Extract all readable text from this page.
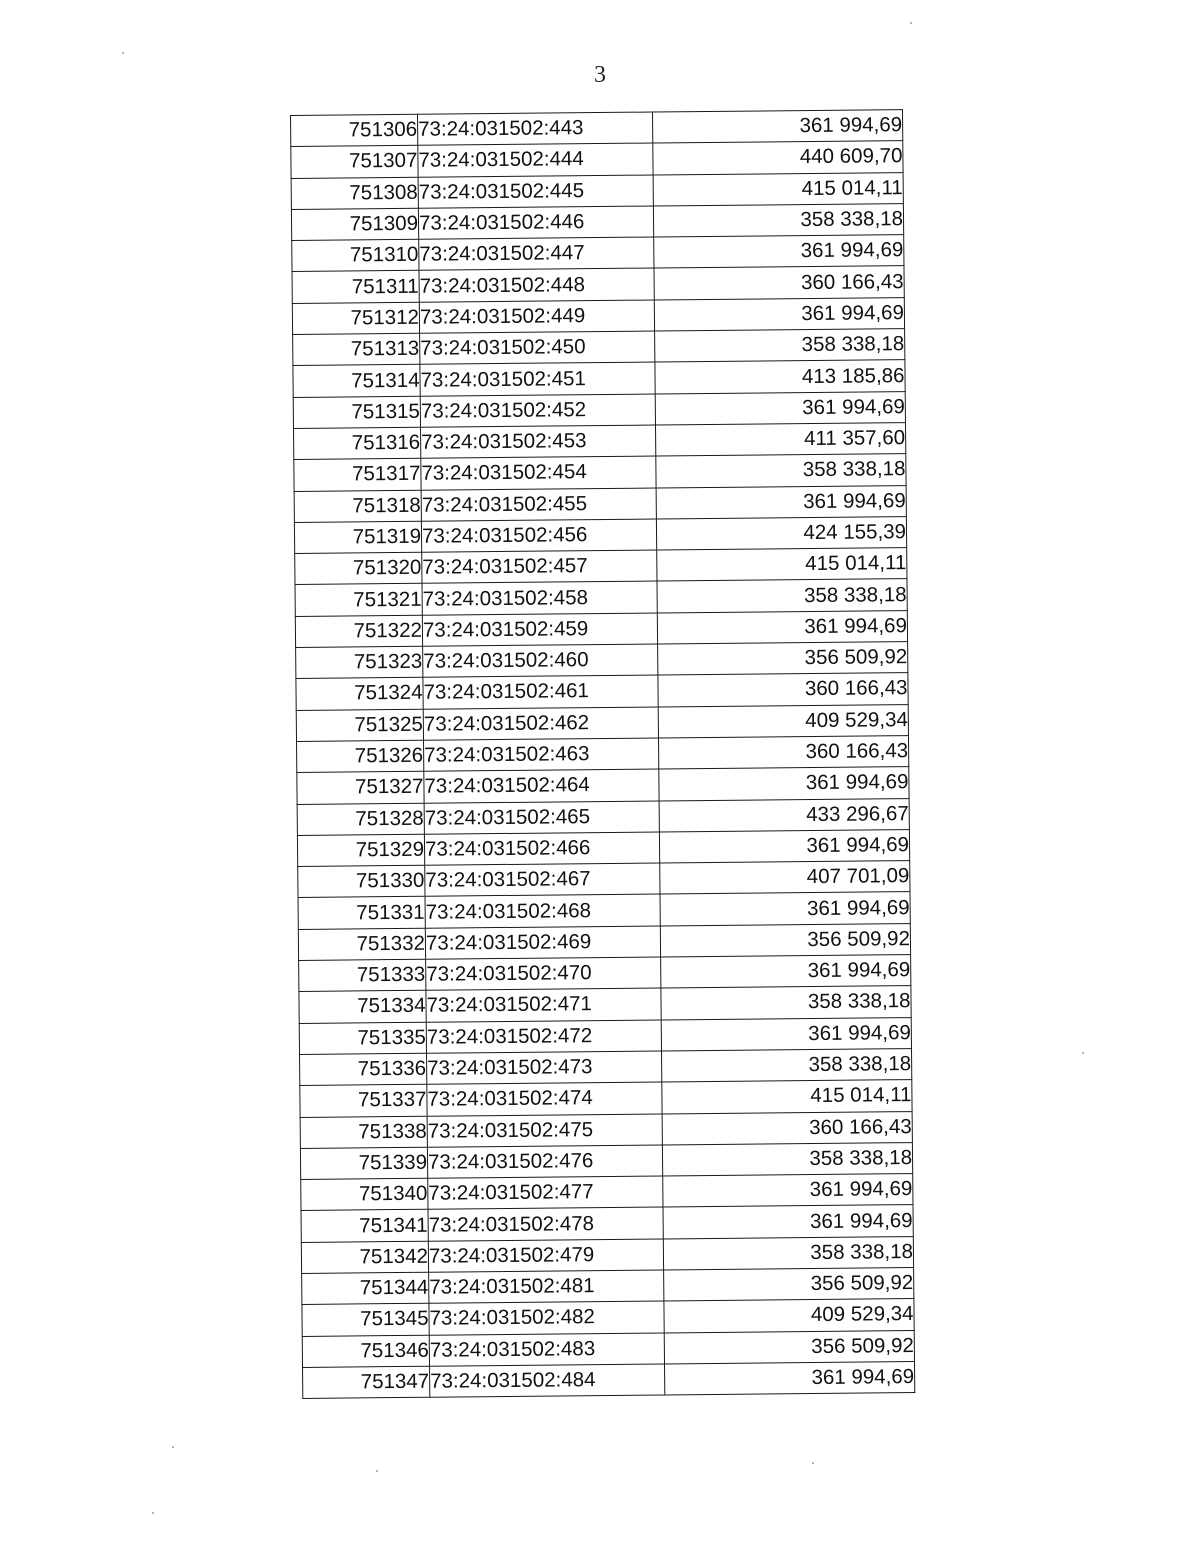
3
751306	73:24:031502:443	361 994,69
751307	73:24:031502:444	440 609,70
751308	73:24:031502:445	415 014,11
751309	73:24:031502:446	358 338,18
751310	73:24:031502:447	361 994,69
751311	73:24:031502:448	360 166,43
751312	73:24:031502:449	361 994,69
751313	73:24:031502:450	358 338,18
751314	73:24:031502:451	413 185,86
751315	73:24:031502:452	361 994,69
751316	73:24:031502:453	411 357,60
751317	73:24:031502:454	358 338,18
751318	73:24:031502:455	361 994,69
751319	73:24:031502:456	424 155,39
751320	73:24:031502:457	415 014,11
751321	73:24:031502:458	358 338,18
751322	73:24:031502:459	361 994,69
751323	73:24:031502:460	356 509,92
751324	73:24:031502:461	360 166,43
751325	73:24:031502:462	409 529,34
751326	73:24:031502:463	360 166,43
751327	73:24:031502:464	361 994,69
751328	73:24:031502:465	433 296,67
751329	73:24:031502:466	361 994,69
751330	73:24:031502:467	407 701,09
751331	73:24:031502:468	361 994,69
751332	73:24:031502:469	356 509,92
751333	73:24:031502:470	361 994,69
751334	73:24:031502:471	358 338,18
751335	73:24:031502:472	361 994,69
751336	73:24:031502:473	358 338,18
751337	73:24:031502:474	415 014,11
751338	73:24:031502:475	360 166,43
751339	73:24:031502:476	358 338,18
751340	73:24:031502:477	361 994,69
751341	73:24:031502:478	361 994,69
751342	73:24:031502:479	358 338,18
751344	73:24:031502:481	356 509,92
751345	73:24:031502:482	409 529,34
751346	73:24:031502:483	356 509,92
751347	73:24:031502:484	361 994,69
